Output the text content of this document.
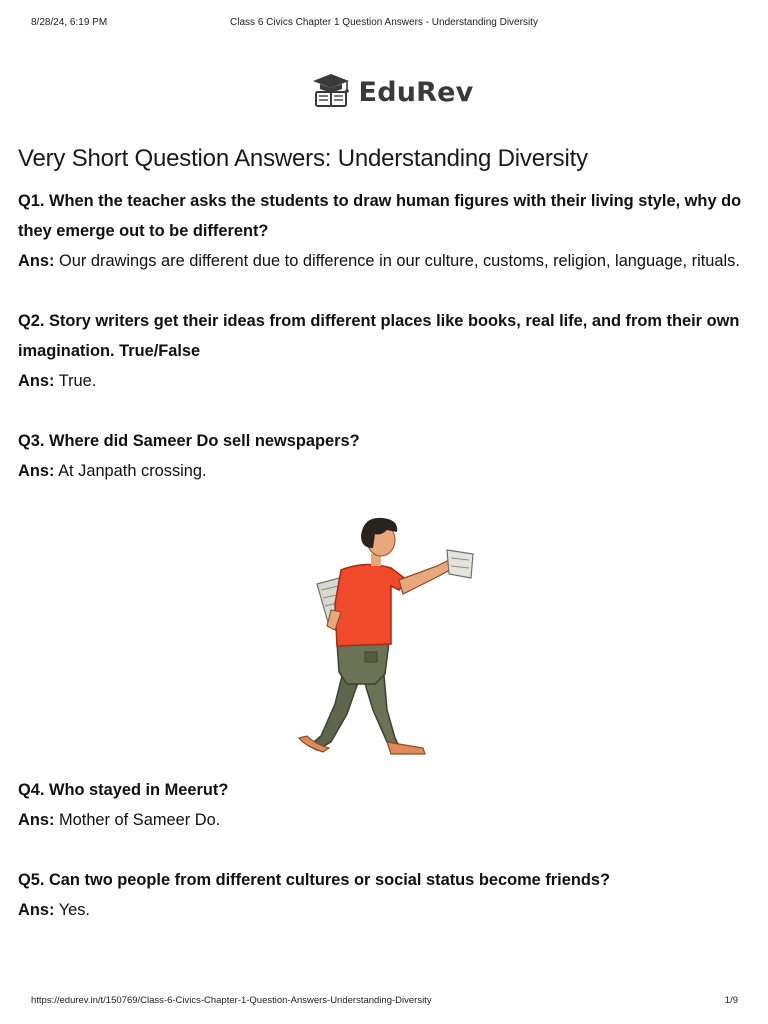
8/28/24, 6:19 PM	Class 6 Civics Chapter 1 Question Answers - Understanding Diversity
EduRev
Very Short Question Answers: Understanding Diversity

Q1. When the teacher asks the students to draw human figures with their living style, why do they emerge out to be different?

Ans: Our drawings are different due to difference in our culture, customs, religion, language, rituals.

Q2. Story writers get their ideas from different places like books, real life, and from their own imagination. True/False

Ans: True.

Q3. Where did Sameer Do sell newspapers?

Ans: At Janpath crossing.

Q4. Who stayed in Meerut?

Ans: Mother of Sameer Do.

Q5. Can two people from different cultures or social status become friends?

Ans: Yes.

https://edurev.in/t/150769/Class-6-Civics-Chapter-1-Question-Answers-Understanding-Diversity	1/9
